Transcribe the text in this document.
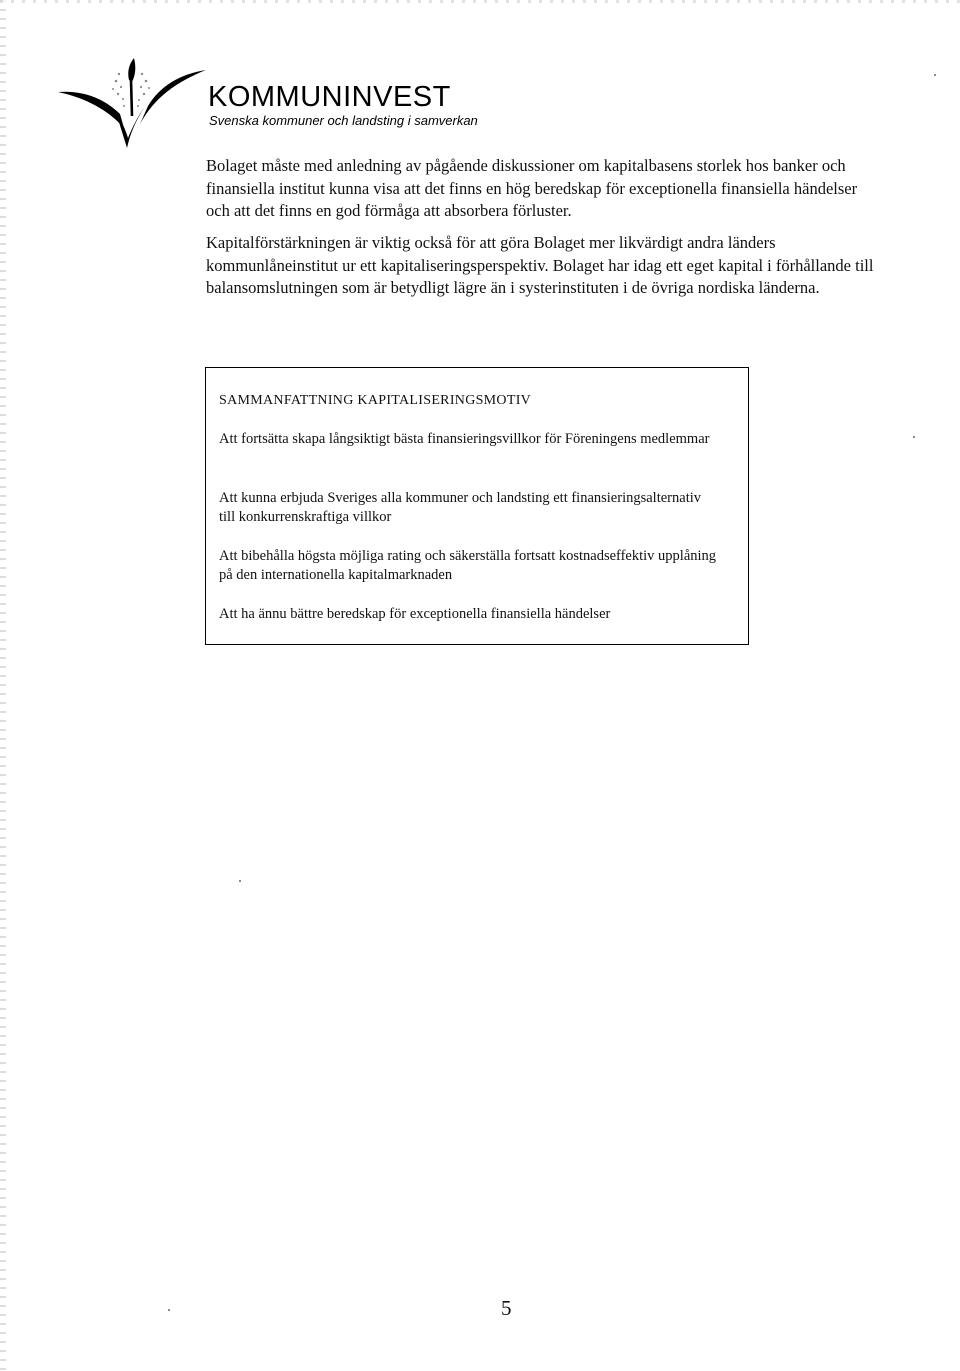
KOMMUNINVEST

Svenska kommuner och landsting i samverkan

Bolaget måste med anledning av pågående diskussioner om kapitalbasens storlek hos banker och finansiella institut kunna visa att det finns en hög beredskap för exceptionella finansiella händelser och att det finns en god förmåga att absorbera förluster.

Kapitalförstärkningen är viktig också för att göra Bolaget mer likvärdigt andra länders kommunlåneinstitut ur ett kapitaliseringsperspektiv. Bolaget har idag ett eget kapital i förhållande till balansomslutningen som är betydligt lägre än i systerinstituten i de övriga nordiska länderna.

SAMMANFATTNING KAPITALISERINGSMOTIV

Att fortsätta skapa långsiktigt bästa finansieringsvillkor för Föreningens medlemmar

Att kunna erbjuda Sveriges alla kommuner och landsting ett finansieringsalternativ till konkurrenskraftiga villkor

Att bibehålla högsta möjliga rating och säkerställa fortsatt kostnadseffektiv upplåning på den internationella kapitalmarknaden

Att ha ännu bättre beredskap för exceptionella finansiella händelser

5
